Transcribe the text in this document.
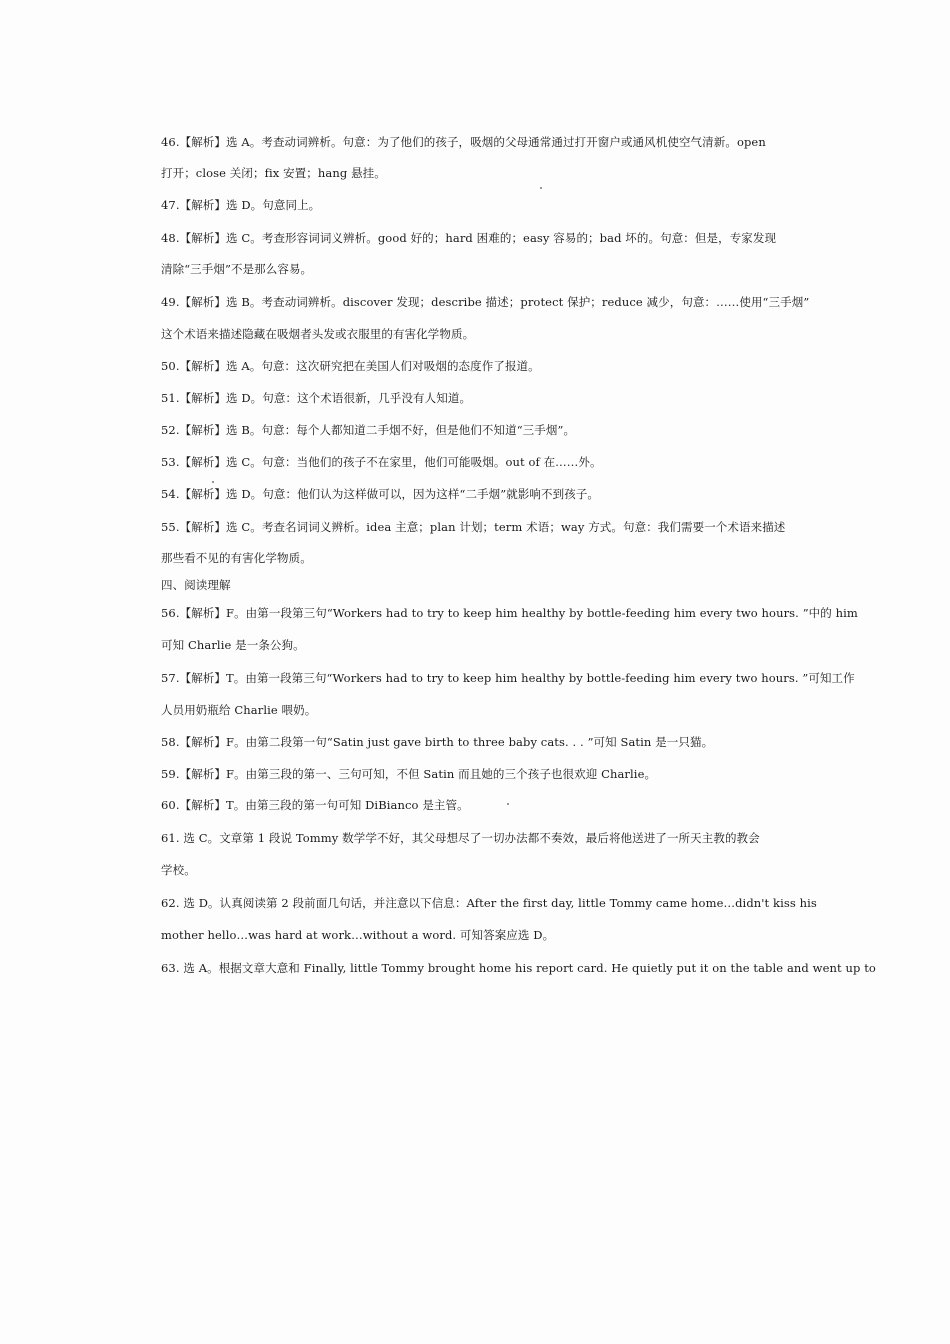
46.【解析】选 A。考查动词辨析。句意：为了他们的孩子，吸烟的父母通常通过打开窗户或通风机使空气清新。open
打开；close 关闭；fix 安置；hang 悬挂。
47.【解析】选 D。句意同上。
48.【解析】选 C。考查形容词词义辨析。good 好的；hard 困难的；easy 容易的；bad 坏的。句意：但是，专家发现
清除“三手烟”不是那么容易。
49.【解析】选 B。考查动词辨析。discover 发现；describe 描述；protect 保护；reduce 减少，句意：……使用“三手烟”
这个术语来描述隐藏在吸烟者头发或衣服里的有害化学物质。
50.【解析】选 A。句意：这次研究把在美国人们对吸烟的态度作了报道。
51.【解析】选 D。句意：这个术语很新，几乎没有人知道。
52.【解析】选 B。句意：每个人都知道二手烟不好，但是他们不知道“三手烟”。
53.【解析】选 C。句意：当他们的孩子不在家里，他们可能吸烟。out of 在……外。
54.【解析】选 D。句意：他们认为这样做可以，因为这样“二手烟”就影响不到孩子。
55.【解析】选 C。考查名词词义辨析。idea 主意；plan 计划；term 术语；way 方式。句意：我们需要一个术语来描述
那些看不见的有害化学物质。
四、阅读理解
56.【解析】F。由第一段第三句“Workers had to try to keep him healthy by bottle-feeding him every two hours. ”中的 him
可知 Charlie 是一条公狗。
57.【解析】T。由第一段第三句“Workers had to try to keep him healthy by bottle-feeding him every two hours. ”可知工作
人员用奶瓶给 Charlie 喂奶。
58.【解析】F。由第二段第一句“Satin just gave birth to three baby cats. . . ”可知 Satin 是一只猫。
59.【解析】F。由第三段的第一、三句可知，不但 Satin 而且她的三个孩子也很欢迎 Charlie。
60.【解析】T。由第三段的第一句可知 DiBianco 是主管。
61. 选 C。文章第 1 段说 Tommy 数学学不好，其父母想尽了一切办法都不奏效，最后将他送进了一所天主教的教会
学校。
62. 选 D。认真阅读第 2 段前面几句话，并注意以下信息：After the first day, little Tommy came home…didn't kiss his
mother hello…was hard at work…without a word. 可知答案应选 D。
63. 选 A。根据文章大意和 Finally, little Tommy brought home his report card. He quietly put it on the table and went up to
